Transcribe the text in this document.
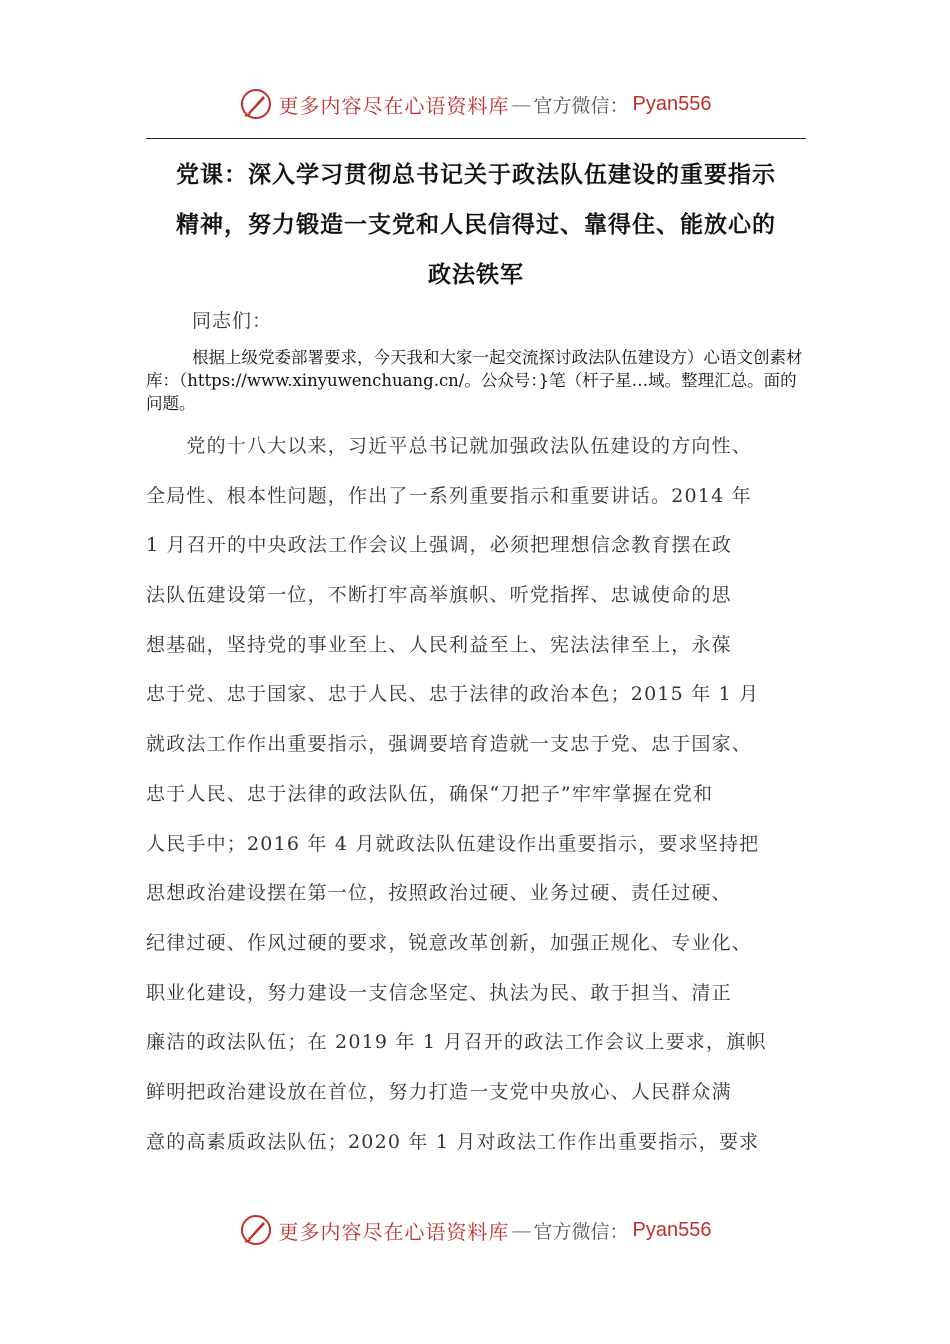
更多内容尽在心语资料库 — 官方微信： Pyan556
党课：深入学习贯彻总书记关于政法队伍建设的重要指示
精神，努力锻造一支党和人民信得过、靠得住、能放心的
政法铁军
同志们：
根据上级党委部署要求，今天我和大家一起交流探讨政法队伍建设方）心语文创素材库：（https://www.xinyuwenchuang.cn/。公众号：}笔（杆子星…域。整理汇总。面的问题。
　　党的十八大以来，习近平总书记就加强政法队伍建设的方向性、
全局性、根本性问题，作出了一系列重要指示和重要讲话。2014 年
1 月召开的中央政法工作会议上强调，必须把理想信念教育摆在政
法队伍建设第一位，不断打牢高举旗帜、听党指挥、忠诚使命的思
想基础，坚持党的事业至上、人民利益至上、宪法法律至上，永葆
忠于党、忠于国家、忠于人民、忠于法律的政治本色；2015 年 1 月
就政法工作作出重要指示，强调要培育造就一支忠于党、忠于国家、
忠于人民、忠于法律的政法队伍，确保“刀把子”牢牢掌握在党和
人民手中；2016 年 4 月就政法队伍建设作出重要指示，要求坚持把
思想政治建设摆在第一位，按照政治过硬、业务过硬、责任过硬、
纪律过硬、作风过硬的要求，锐意改革创新，加强正规化、专业化、
职业化建设，努力建设一支信念坚定、执法为民、敢于担当、清正
廉洁的政法队伍；在 2019 年 1 月召开的政法工作会议上要求，旗帜
鲜明把政治建设放在首位，努力打造一支党中央放心、人民群众满
意的高素质政法队伍；2020 年 1 月对政法工作作出重要指示，要求
更多内容尽在心语资料库 — 官方微信： Pyan556
